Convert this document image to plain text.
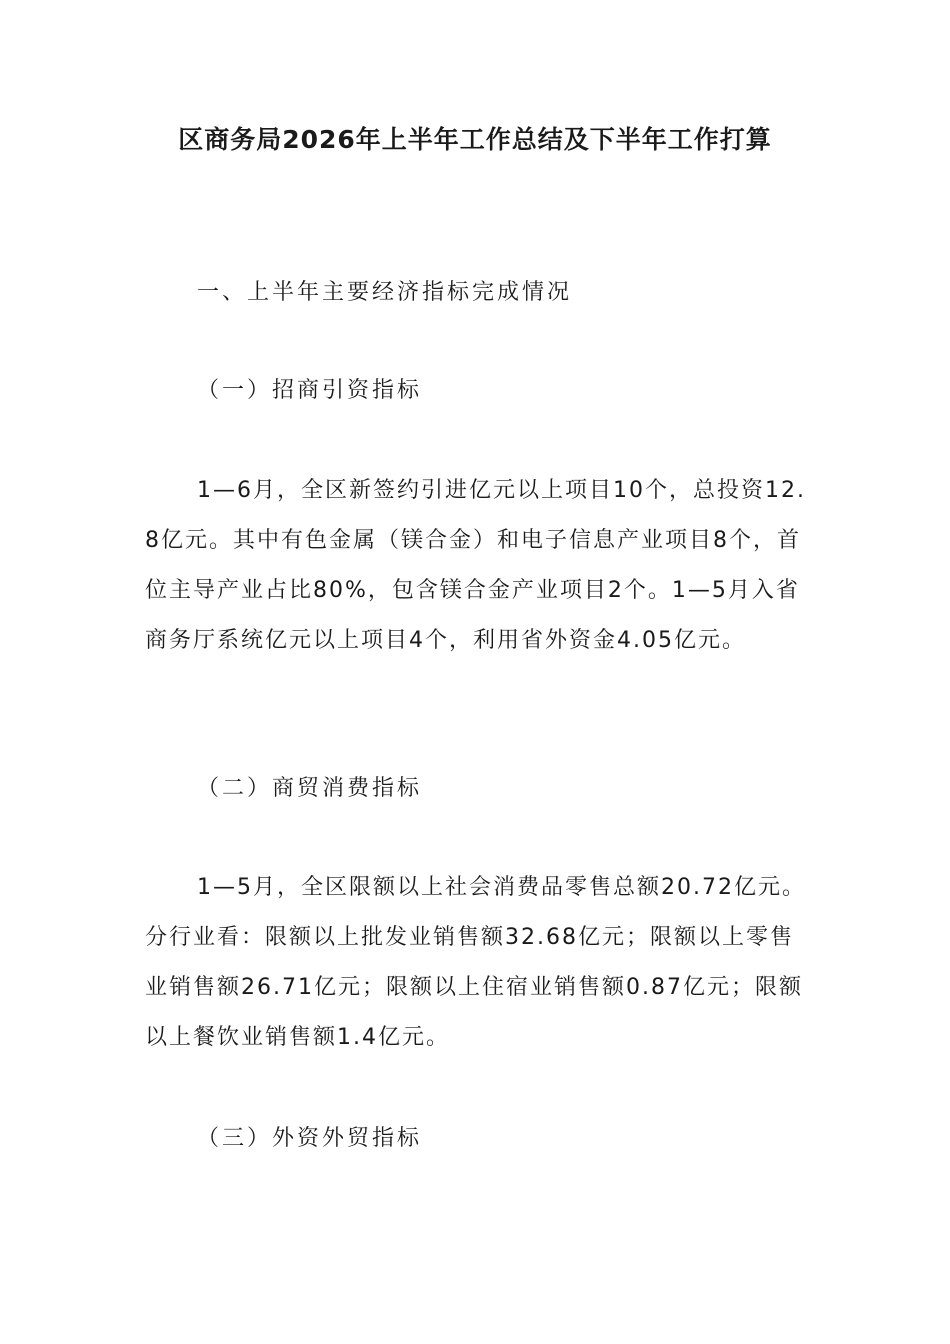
区商务局2026年上半年工作总结及下半年工作打算

一、上半年主要经济指标完成情况

（一）招商引资指标

1—6月，全区新签约引进亿元以上项目10个，总投资12.8亿元。其中有色金属（镁合金）和电子信息产业项目8个，首位主导产业占比80%，包含镁合金产业项目2个。1—5月入省商务厅系统亿元以上项目4个，利用省外资金4.05亿元。

（二）商贸消费指标

1—5月，全区限额以上社会消费品零售总额20.72亿元。分行业看：限额以上批发业销售额32.68亿元；限额以上零售业销售额26.71亿元；限额以上住宿业销售额0.87亿元；限额以上餐饮业销售额1.4亿元。

（三）外资外贸指标
